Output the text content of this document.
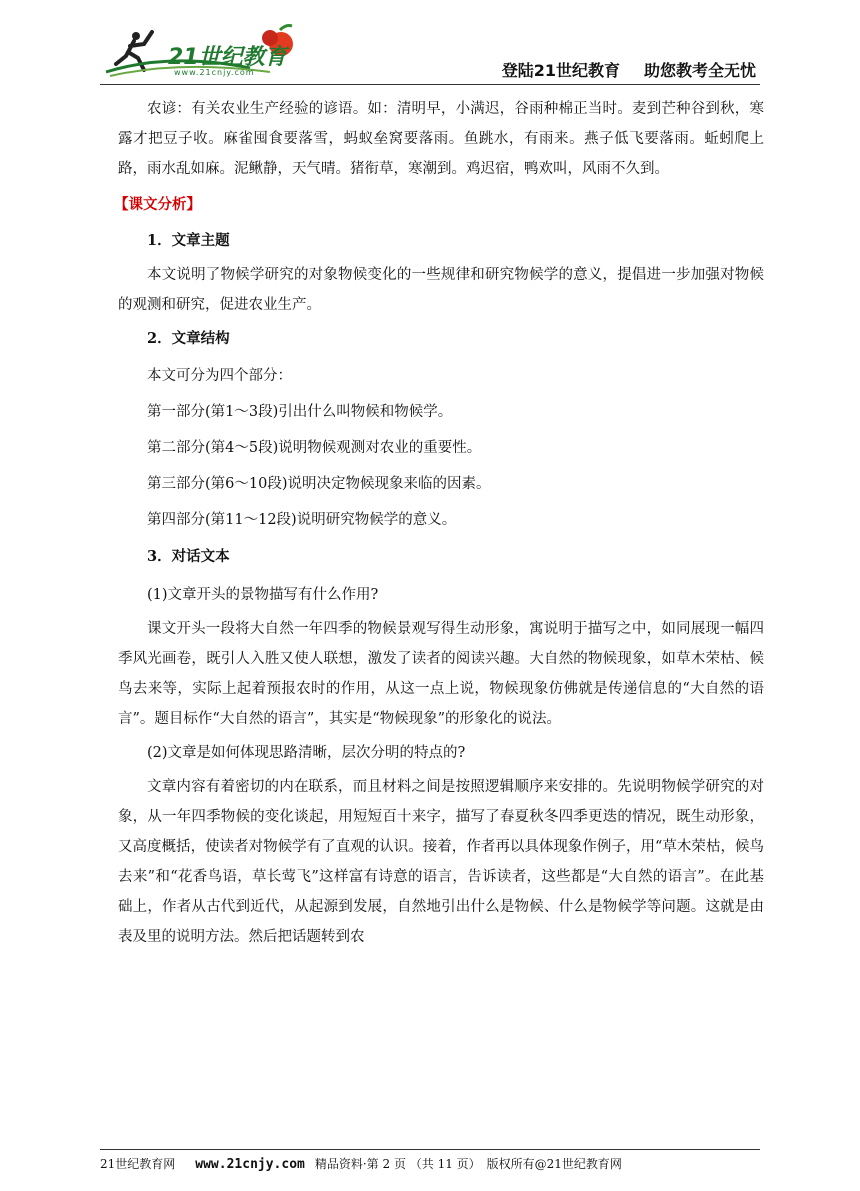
21世纪教育
www.21cnjy.com	登陆21世纪教育 助您教考全无忧

农谚：有关农业生产经验的谚语。如：清明早，小满迟，谷雨种棉正当时。麦到芒种谷到秋，寒露才把豆子收。麻雀囤食要落雪，蚂蚁垒窝要落雨。鱼跳水，有雨来。燕子低飞要落雨。蚯蚓爬上路，雨水乱如麻。泥鳅静，天气晴。猪衔草，寒潮到。鸡迟宿，鸭欢叫，风雨不久到。

【课文分析】

1．文章主题

本文说明了物候学研究的对象物候变化的一些规律和研究物候学的意义，提倡进一步加强对物候的观测和研究，促进农业生产。

2．文章结构

本文可分为四个部分：

第一部分(第1～3段)引出什么叫物候和物候学。

第二部分(第4～5段)说明物候观测对农业的重要性。

第三部分(第6～10段)说明决定物候现象来临的因素。

第四部分(第11～12段)说明研究物候学的意义。

3．对话文本

(1)文章开头的景物描写有什么作用?

课文开头一段将大自然一年四季的物候景观写得生动形象，寓说明于描写之中，如同展现一幅四季风光画卷，既引人入胜又使人联想，激发了读者的阅读兴趣。大自然的物候现象，如草木荣枯、候鸟去来等，实际上起着预报农时的作用，从这一点上说，物候现象仿佛就是传递信息的“大自然的语言”。题目标作“大自然的语言”，其实是“物候现象”的形象化的说法。

(2)文章是如何体现思路清晰，层次分明的特点的?

文章内容有着密切的内在联系，而且材料之间是按照逻辑顺序来安排的。先说明物候学研究的对象，从一年四季物候的变化谈起，用短短百十来字，描写了春夏秋冬四季更迭的情况，既生动形象，又高度概括，使读者对物候学有了直观的认识。接着，作者再以具体现象作例子，用“草木荣枯，候鸟去来”和“花香鸟语，草长莺飞”这样富有诗意的语言，告诉读者，这些都是“大自然的语言”。在此基础上，作者从古代到近代，从起源到发展，自然地引出什么是物候、什么是物候学等问题。这就是由表及里的说明方法。然后把话题转到农

21世纪教育网 www.21cnjy.com 精品资料·第 2 页 （共 11 页） 版权所有@21世纪教育网
